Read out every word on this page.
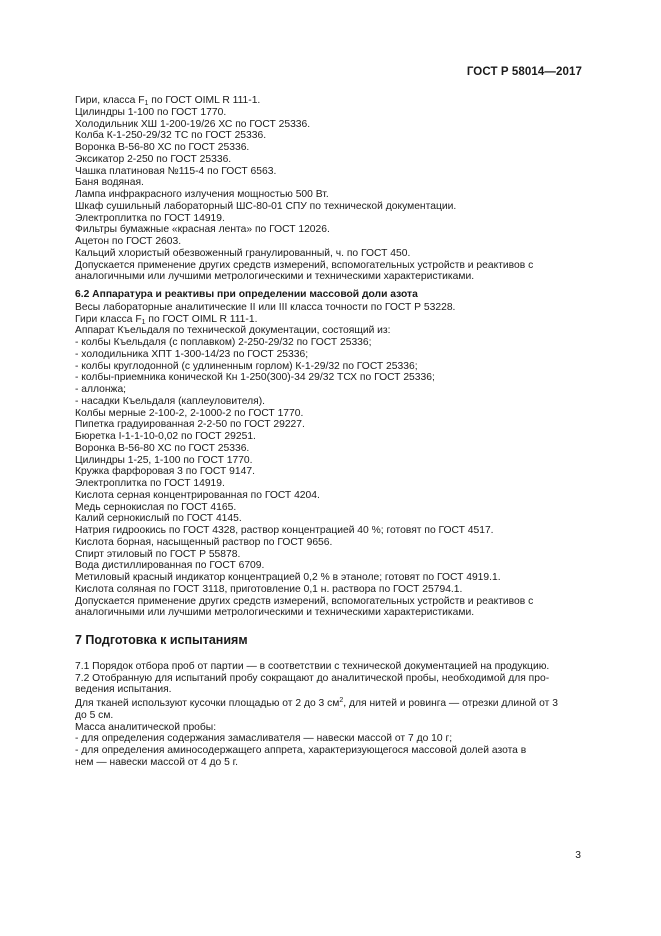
ГОСТ Р 58014—2017
Гири, класса $F_1$ по ГОСТ OIML R 111-1.
Цилиндры 1-100 по ГОСТ 1770.
Холодильник ХШ 1-200-19/26 ХС по ГОСТ 25336.
Колба К-1-250-29/32 ТС по ГОСТ 25336.
Воронка В-56-80 ХС по ГОСТ 25336.
Эксикатор 2-250 по ГОСТ 25336.
Чашка платиновая №115-4 по ГОСТ 6563.
Баня водяная.
Лампа инфракрасного излучения мощностью 500 Вт.
Шкаф сушильный лабораторный ШС-80-01 СПУ по технической документации.
Электроплитка по ГОСТ 14919.
Фильтры бумажные «красная лента» по ГОСТ 12026.
Ацетон по ГОСТ 2603.
Кальций хлористый обезвоженный гранулированный, ч. по ГОСТ 450.
Допускается применение других средств измерений, вспомогательных устройств и реактивов с
аналогичными или лучшими метрологическими и техническими характеристиками.
6.2 Аппаратура и реактивы при определении массовой доли азота
Весы лабораторные аналитические II или III класса точности по ГОСТ Р 53228.
Гири класса $F_1$ по ГОСТ OIML R 111-1.
Аппарат Къельдаля по технической документации, состоящий из:
- колбы Къельдаля (с поплавком) 2-250-29/32 по ГОСТ 25336;
- холодильника ХПТ 1-300-14/23 по ГОСТ 25336;
- колбы круглодонной (с удлиненным горлом) К-1-29/32 по ГОСТ 25336;
- колбы-приемника конической Кн 1-250(300)-34 29/32 ТСХ по ГОСТ 25336;
- аллонжа;
- насадки Къельдаля (каплеуловителя).
Колбы мерные 2-100-2, 2-1000-2 по ГОСТ 1770.
Пипетка градуированная 2-2-50 по ГОСТ 29227.
Бюретка I-1-1-10-0,02 по ГОСТ 29251.
Воронка В-56-80 ХС по ГОСТ 25336.
Цилиндры 1-25, 1-100 по ГОСТ 1770.
Кружка фарфоровая 3 по ГОСТ 9147.
Электроплитка по ГОСТ 14919.
Кислота серная концентрированная по ГОСТ 4204.
Медь сернокислая по ГОСТ 4165.
Калий сернокислый по ГОСТ 4145.
Натрия гидроокись по ГОСТ 4328, раствор концентрацией 40 %; готовят по ГОСТ 4517.
Кислота борная, насыщенный раствор по ГОСТ 9656.
Спирт этиловый по ГОСТ Р 55878.
Вода дистиллированная по ГОСТ 6709.
Метиловый красный индикатор концентрацией 0,2 % в этаноле; готовят по ГОСТ 4919.1.
Кислота соляная по ГОСТ 3118, приготовление 0,1 н. раствора по ГОСТ 25794.1.
Допускается применение других средств измерений, вспомогательных устройств и реактивов с
аналогичными или лучшими метрологическими и техническими характеристиками.
7 Подготовка к испытаниям
7.1 Порядок отбора проб от партии — в соответствии с технической документацией на продукцию.
7.2 Отобранную для испытаний пробу сокращают до аналитической пробы, необходимой для про-
ведения испытания.
Для тканей используют кусочки площадью от 2 до 3 $см^2$, для нитей и ровинга — отрезки длиной от 3
до 5 см.
Масса аналитической пробы:
- для определения содержания замасливателя — навески массой от 7 до 10 г;
- для определения аминосодержащего аппрета, характеризующегося массовой долей азота в
нем — навески массой от 4 до 5 г.
3
